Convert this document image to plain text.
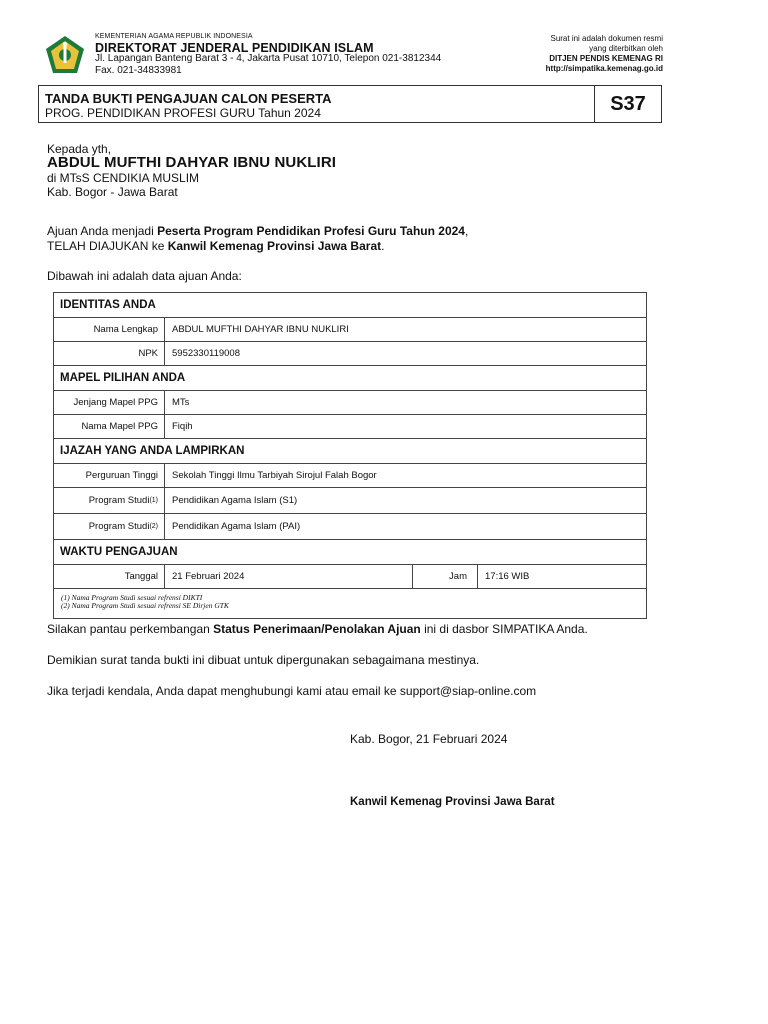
KEMENTERIAN AGAMA REPUBLIK INDONESIA
DIREKTORAT JENDERAL PENDIDIKAN ISLAM
Jl. Lapangan Banteng Barat 3 - 4, Jakarta Pusat 10710, Telepon 021-3812344
Fax. 021-34833981
Surat ini adalah dokumen resmi
yang diterbitkan oleh
DITJEN PENDIS KEMENAG RI
http://simpatika.kemenag.go.id
TANDA BUKTI PENGAJUAN CALON PESERTA
PROG. PENDIDIKAN PROFESI GURU Tahun 2024	S37
Kepada yth,
ABDUL MUFTHI DAHYAR IBNU NUKLIRI
di MTsS CENDIKIA MUSLIM
Kab. Bogor - Jawa Barat
Ajuan Anda menjadi Peserta Program Pendidikan Profesi Guru Tahun 2024,
TELAH DIAJUKAN ke Kanwil Kemenag Provinsi Jawa Barat.
Dibawah ini adalah data ajuan Anda:
IDENTITAS ANDA
Nama Lengkap	ABDUL MUFTHI DAHYAR IBNU NUKLIRI
NPK	5952330119008
MAPEL PILIHAN ANDA
Jenjang Mapel PPG	MTs
Nama Mapel PPG	Fiqih
IJAZAH YANG ANDA LAMPIRKAN
Perguruan Tinggi	Sekolah Tinggi Ilmu Tarbiyah Sirojul Falah Bogor
Program Studi (1)	Pendidikan Agama Islam (S1)
Program Studi (2)	Pendidikan Agama Islam (PAI)
WAKTU PENGAJUAN
Tanggal	21 Februari 2024	Jam	17:16 WIB
(1) Nama Program Studi sesuai refrensi DIKTI
(2) Nama Program Studi sesuai refrensi SE Dirjen GTK
Silakan pantau perkembangan Status Penerimaan/Penolakan Ajuan ini di dasbor SIMPATIKA Anda.
Demikian surat tanda bukti ini dibuat untuk dipergunakan sebagaimana mestinya.
Jika terjadi kendala, Anda dapat menghubungi kami atau email ke support@siap-online.com
Kab. Bogor, 21 Februari 2024
Kanwil Kemenag Provinsi Jawa Barat
